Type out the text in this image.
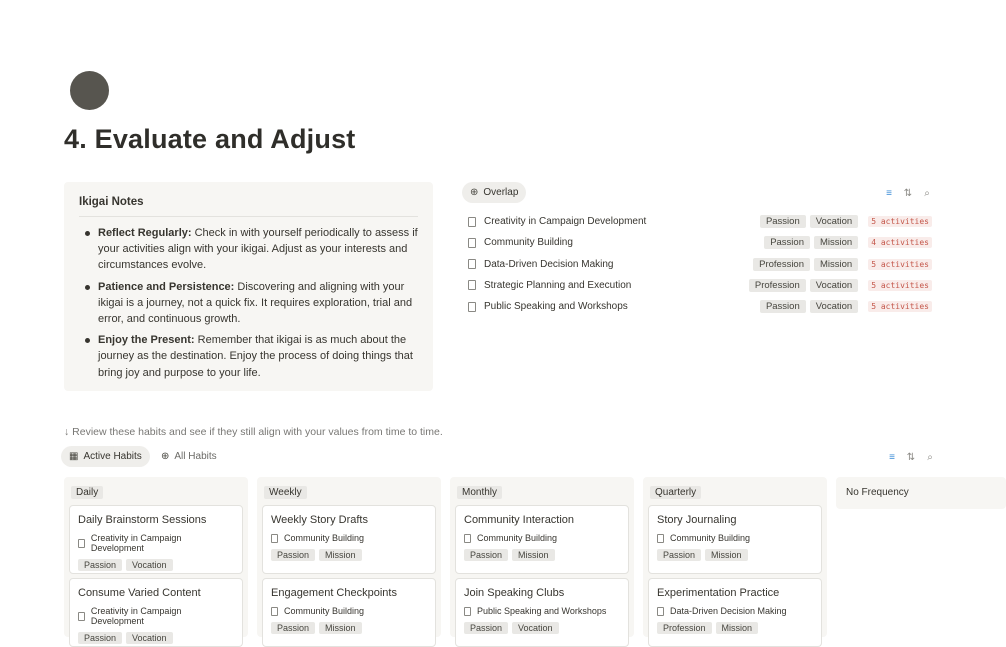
4. Evaluate and Adjust
Ikigai Notes
Reflect Regularly: Check in with yourself periodically to assess if your activities align with your ikigai. Adjust as your interests and circumstances evolve.
Patience and Persistence: Discovering and aligning with your ikigai is a journey, not a quick fix. It requires exploration, trial and error, and continuous growth.
Enjoy the Present: Remember that ikigai is as much about the journey as the destination. Enjoy the process of doing things that bring joy and purpose to your life.
⊕ Overlap	≡ ⇅ ⌕
Creativity in Campaign Development	Passion	Vocation	5 activities
Community Building	Passion	Mission	4 activities
Data-Driven Decision Making	Profession	Mission	5 activities
Strategic Planning and Execution	Profession	Vocation	5 activities
Public Speaking and Workshops	Passion	Vocation	5 activities
↓ Review these habits and see if they still align with your values from time to time.
▦ Active Habits ⊕ All Habits	≡ ⇅ ⌕
Daily
Daily Brainstorm Sessions
Creativity in Campaign Development
Passion	Vocation
Consume Varied Content
Creativity in Campaign Development
Passion	Vocation
Weekly
Weekly Story Drafts
Community Building
Passion	Mission
Engagement Checkpoints
Community Building
Passion	Mission
Monthly
Community Interaction
Community Building
Passion	Mission
Join Speaking Clubs
Public Speaking and Workshops
Passion	Vocation
Quarterly
Story Journaling
Community Building
Passion	Mission
Experimentation Practice
Data-Driven Decision Making
Profession	Mission
No Frequency
